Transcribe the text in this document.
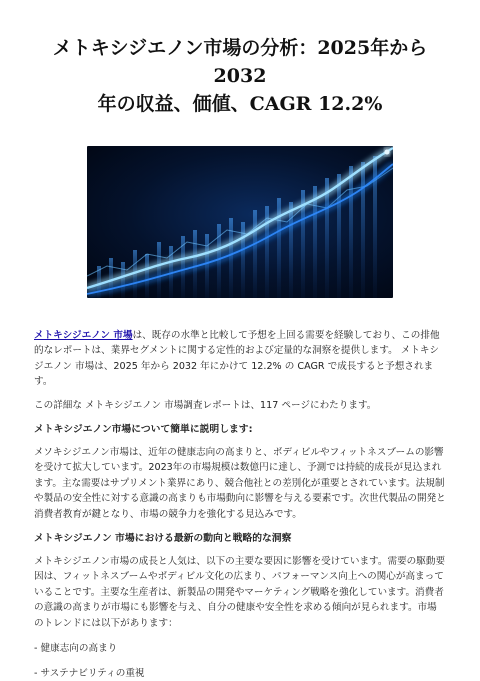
メトキシジエノン市場の分析：2025年から2032
年の収益、価値、CAGR 12.2%

メトキシジエノン 市場は、既存の水準と比較して予想を上回る需要を経験しており、この排他的なレポートは、業界セグメントに関する定性的および定量的な洞察を提供します。 メトキシジエノン 市場は、2025 年から 2032 年にかけて 12.2% の CAGR で成長すると予想されます。

この詳細な メトキシジエノン 市場調査レポートは、117 ページにわたります。

メトキシジエノン市場について簡単に説明します:

メソキシジエノン市場は、近年の健康志向の高まりと、ボディビルやフィットネスブームの影響を受けて拡大しています。2023年の市場規模は数億円に達し、予測では持続的成長が見込まれます。主な需要はサプリメント業界にあり、競合他社との差別化が重要とされています。法規制や製品の安全性に対する意識の高まりも市場動向に影響を与える要素です。次世代製品の開発と消費者教育が鍵となり、市場の競争力を強化する見込みです。

メトキシジエノン 市場における最新の動向と戦略的な洞察

メトキシジエノン市場の成長と人気は、以下の主要な要因に影響を受けています。需要の駆動要因は、フィットネスブームやボディビル文化の広まり、パフォーマンス向上への関心が高まっていることです。主要な生産者は、新製品の開発やマーケティング戦略を強化しています。消費者の意識の高まりが市場にも影響を与え、自分の健康や安全性を求める傾向が見られます。市場のトレンドには以下があります：

- 健康志向の高まり

- サステナビリティの重視
